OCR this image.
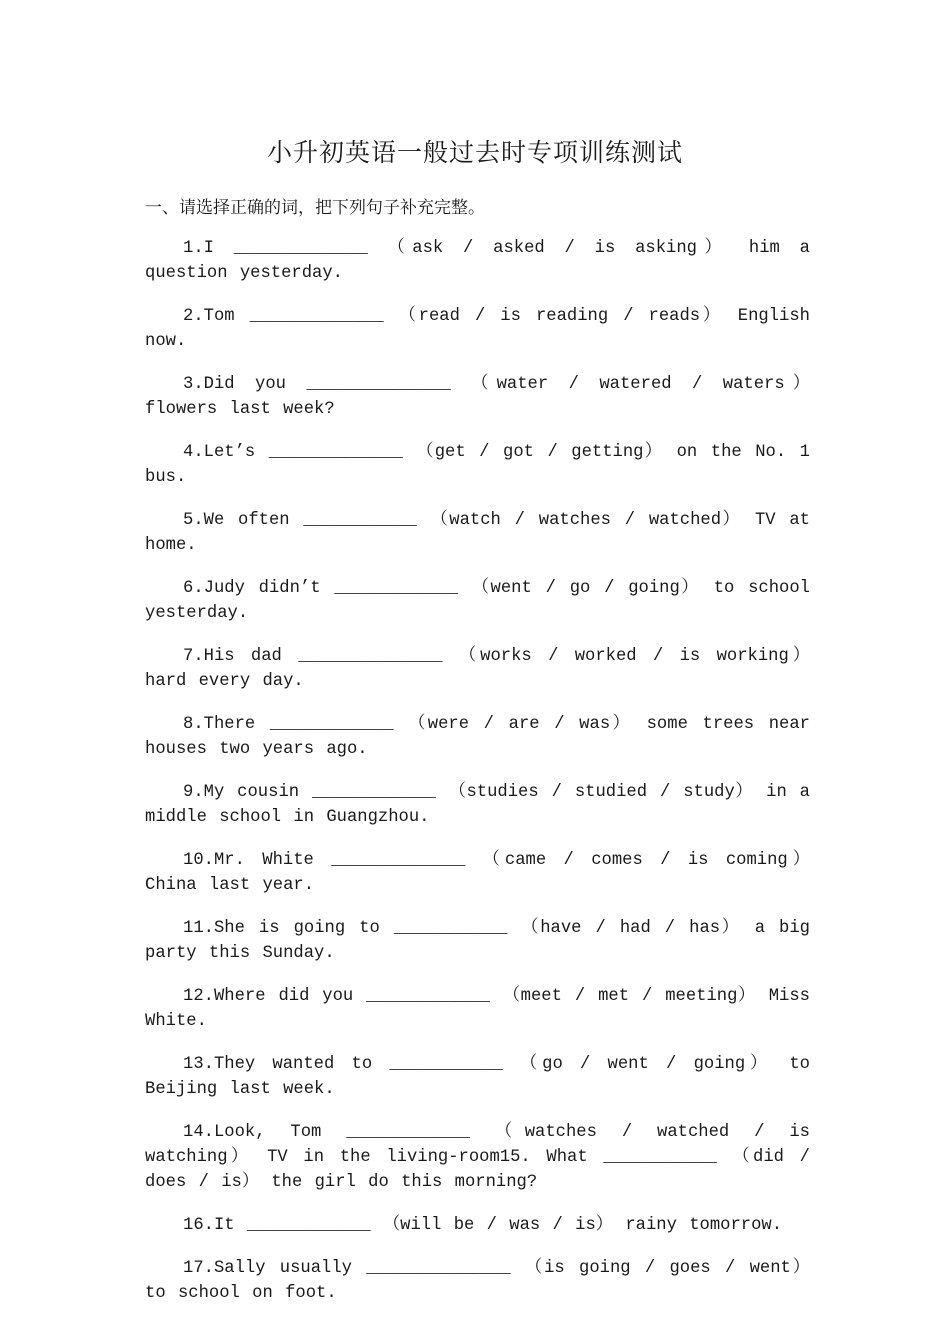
小升初英语一般过去时专项训练测试
一、请选择正确的词，把下列句子补充完整。

1.I _____________ （ask / asked / is asking） him a question yesterday.

2.Tom _____________ （read / is reading / reads） English now.

3.Did you ______________ （water / watered / waters） flowers last week?

4.Let’s _____________ （get / got / getting） on the No. 1 bus.

5.We often ___________ （watch / watches / watched） TV at home.

6.Judy didn’t ____________ （went / go / going） to school yesterday.

7.His dad ______________ （works / worked / is working） hard every day.

8.There ____________ （were / are / was） some trees near houses two years ago.

9.My cousin ____________ （studies / studied / study） in a middle school in Guangzhou.

10.Mr. White _____________ （came / comes / is coming） China last year.

11.She is going to ___________ （have / had / has） a big party this Sunday.

12.Where did you ____________ （meet / met / meeting） Miss White.

13.They wanted to ___________ （go / went / going） to Beijing last week.

14.Look, Tom ____________ （watches / watched / is watching） TV in the living-room15. What ___________ （did / does / is） the girl do this morning?

16.It ____________ （will be / was / is） rainy tomorrow.

17.Sally usually ______________ （is going / goes / went） to school on foot.
